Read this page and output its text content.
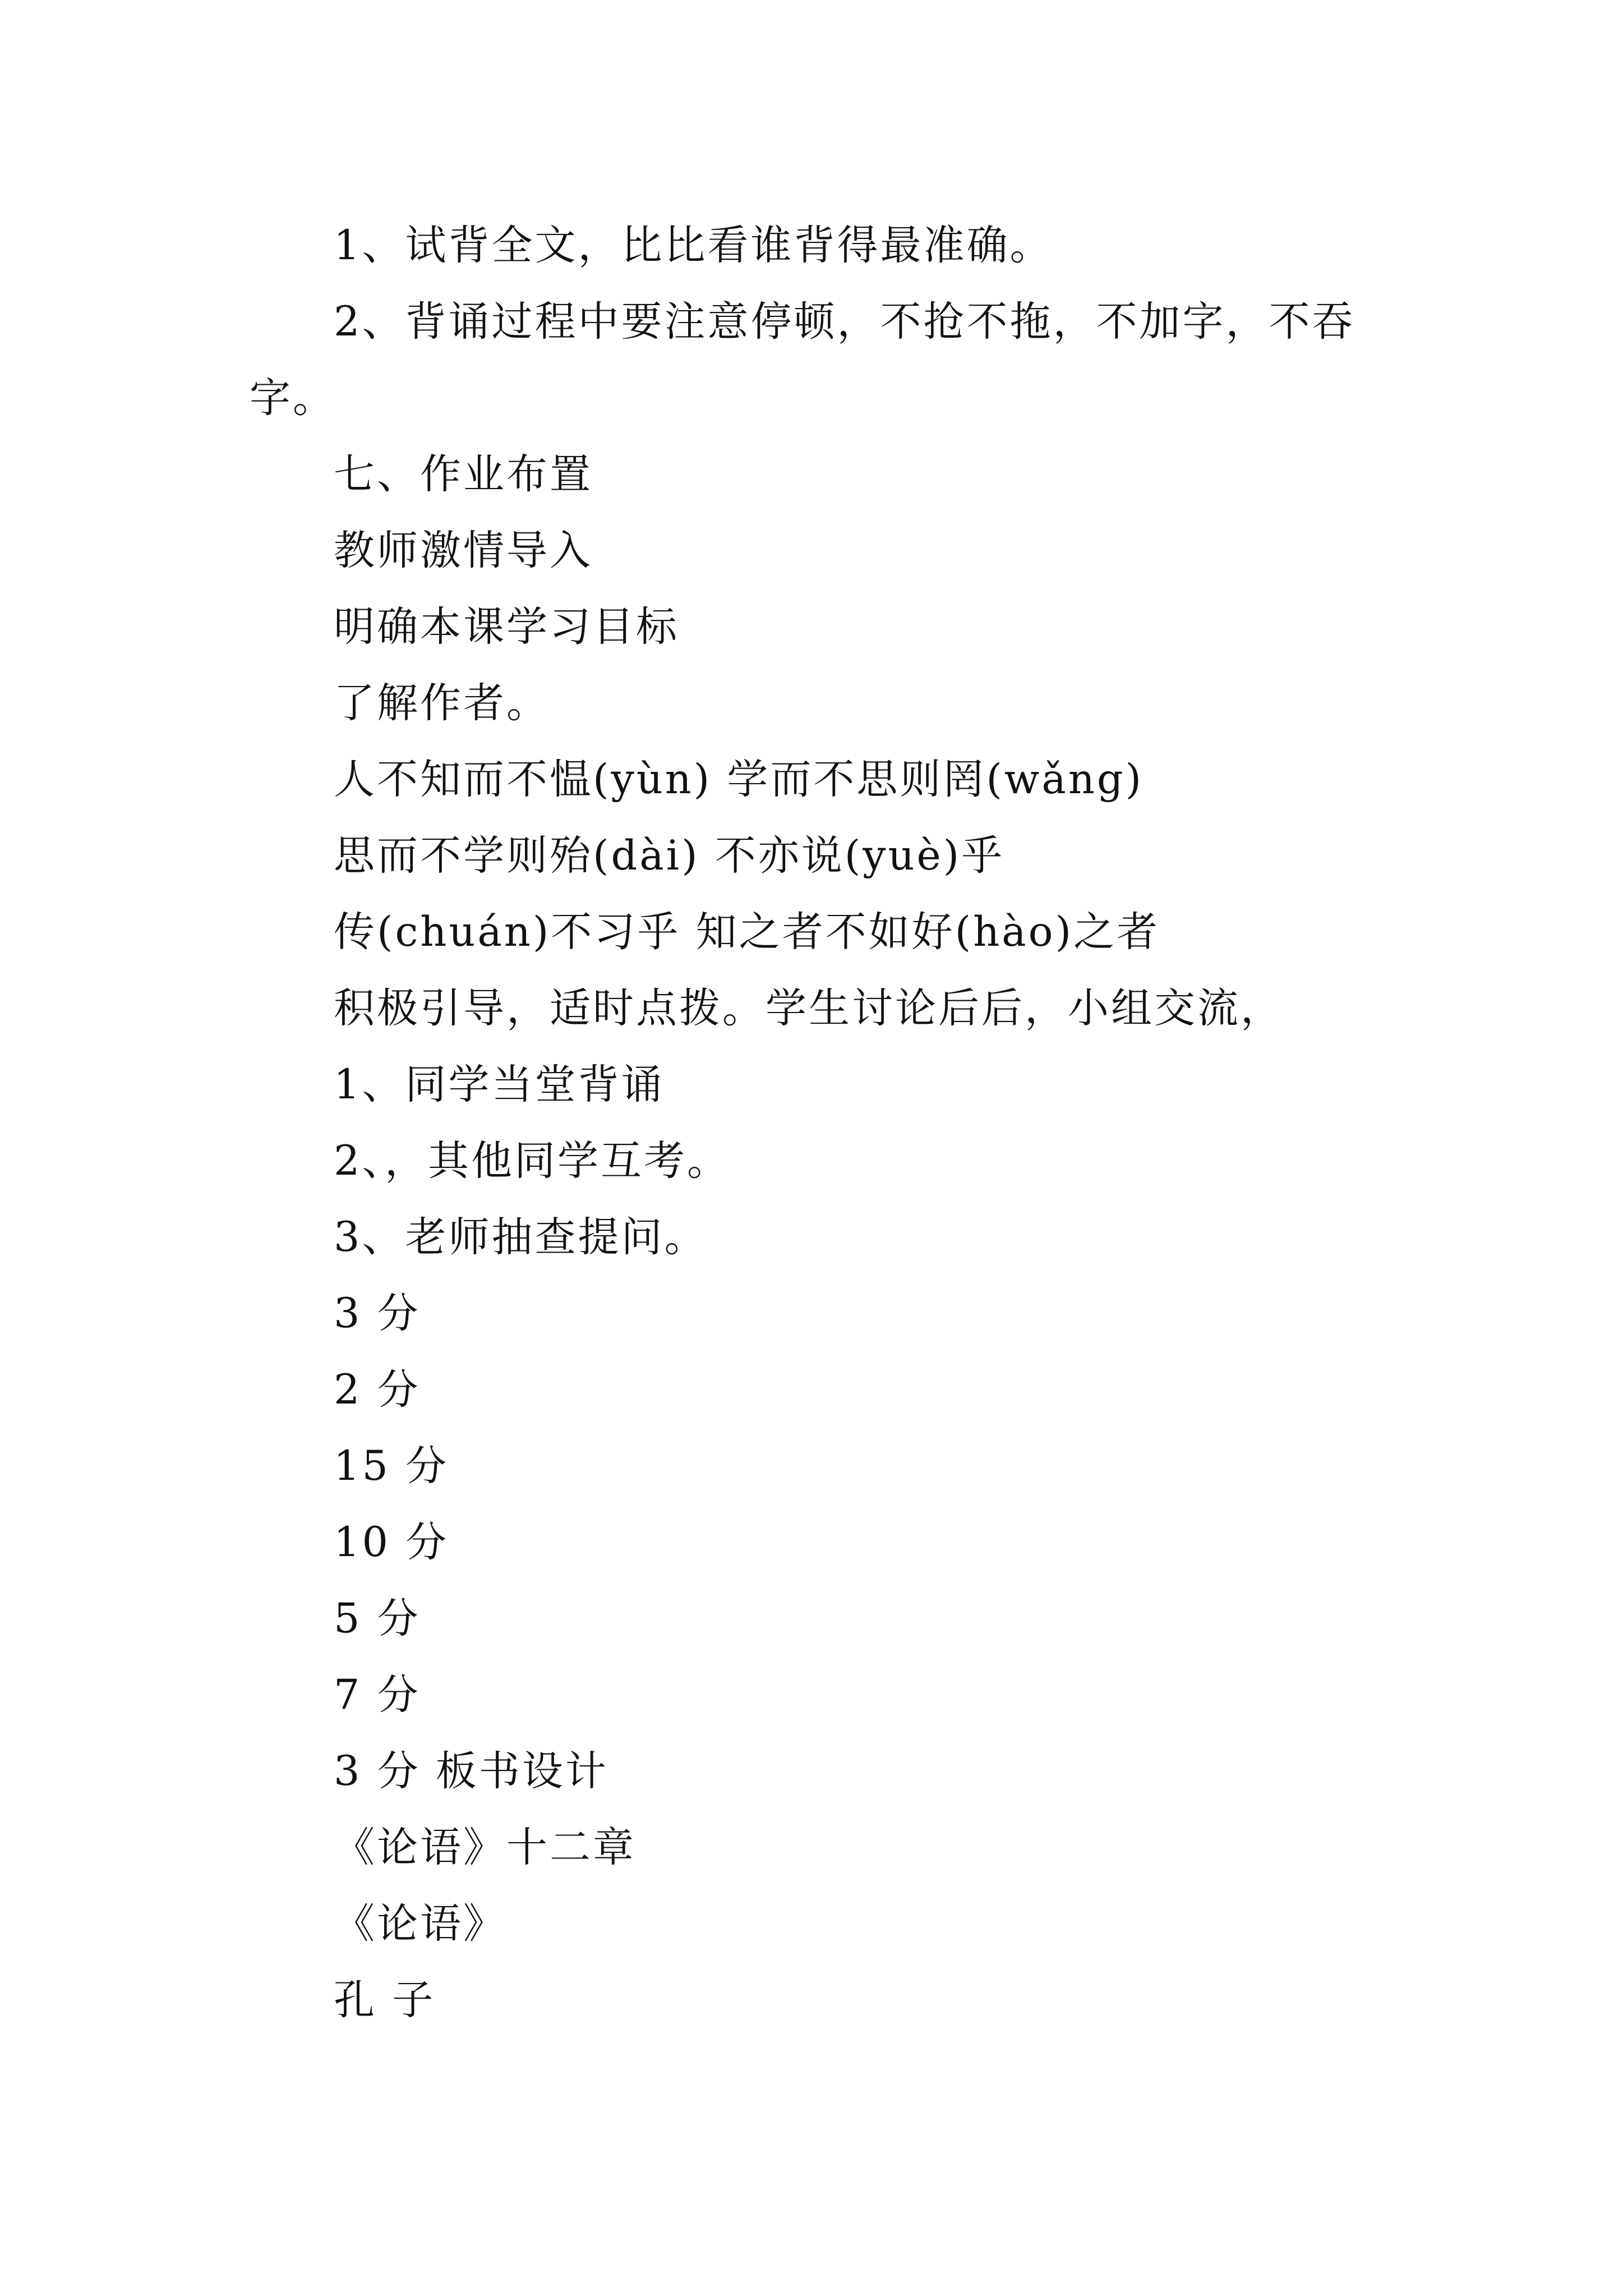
1、试背全文，比比看谁背得最准确。

2、背诵过程中要注意停顿，不抢不拖，不加字，不吞字。

七、作业布置

教师激情导入

明确本课学习目标

了解作者。

人不知而不愠(yùn) 学而不思则罔(wǎng)

思而不学则殆(dài) 不亦说(yuè)乎

传(chuán)不习乎 知之者不如好(hào)之者

积极引导，适时点拨。学生讨论后后，小组交流，

1、同学当堂背诵

2、，其他同学互考。

3、老师抽查提问。

3 分

2 分

15 分

10 分

5 分

7 分

3 分 板书设计

《论语》十二章

《论语》

孔 子
